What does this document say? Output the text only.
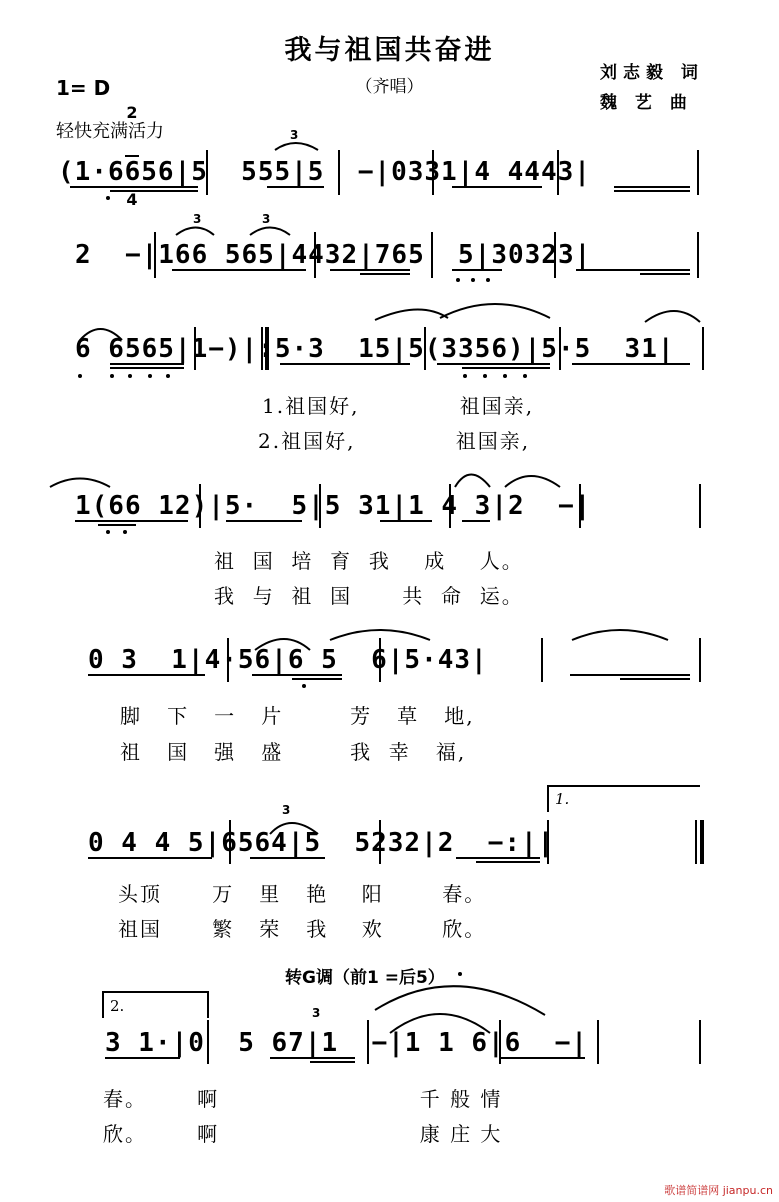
我与祖国共奋进
（齐唱）
刘志毅 词
魏 艺 曲
1= D

2

4

轻快充满活力
(1·6656|5  555|5  −|0331|4 4443|
2  −|166 565|4432|765  5|30323|
6 6565|1−)|:5·3  15|5(3356)|5·5  31|
1(66 12)|5·  5|5 31|1 4 3|2  −|
0 3  1|4·56|6 5  6|5·43|
0 4 4 5|6564|5  5232|2  −:||
3 1·|0  5 67|1  −|1 1 6|6  −|
3
3	3
3
3
1.
2.
1.祖国好,            祖国亲,
2.祖国好,            祖国亲,
祖  国  培  育  我    成    人。
我  与  祖  国      共  命  运。
脚   下   一   片        芳   草   地,
祖   国   强   盛        我  幸   福,
头顶      万   里   艳    阳       春。
祖国      繁   荣   我    欢       欣。
春。      啊                        千 般 情
欣。      啊                        康 庄 大
转G调（前1 =后5）
歌谱简谱网 jianpu.cn
